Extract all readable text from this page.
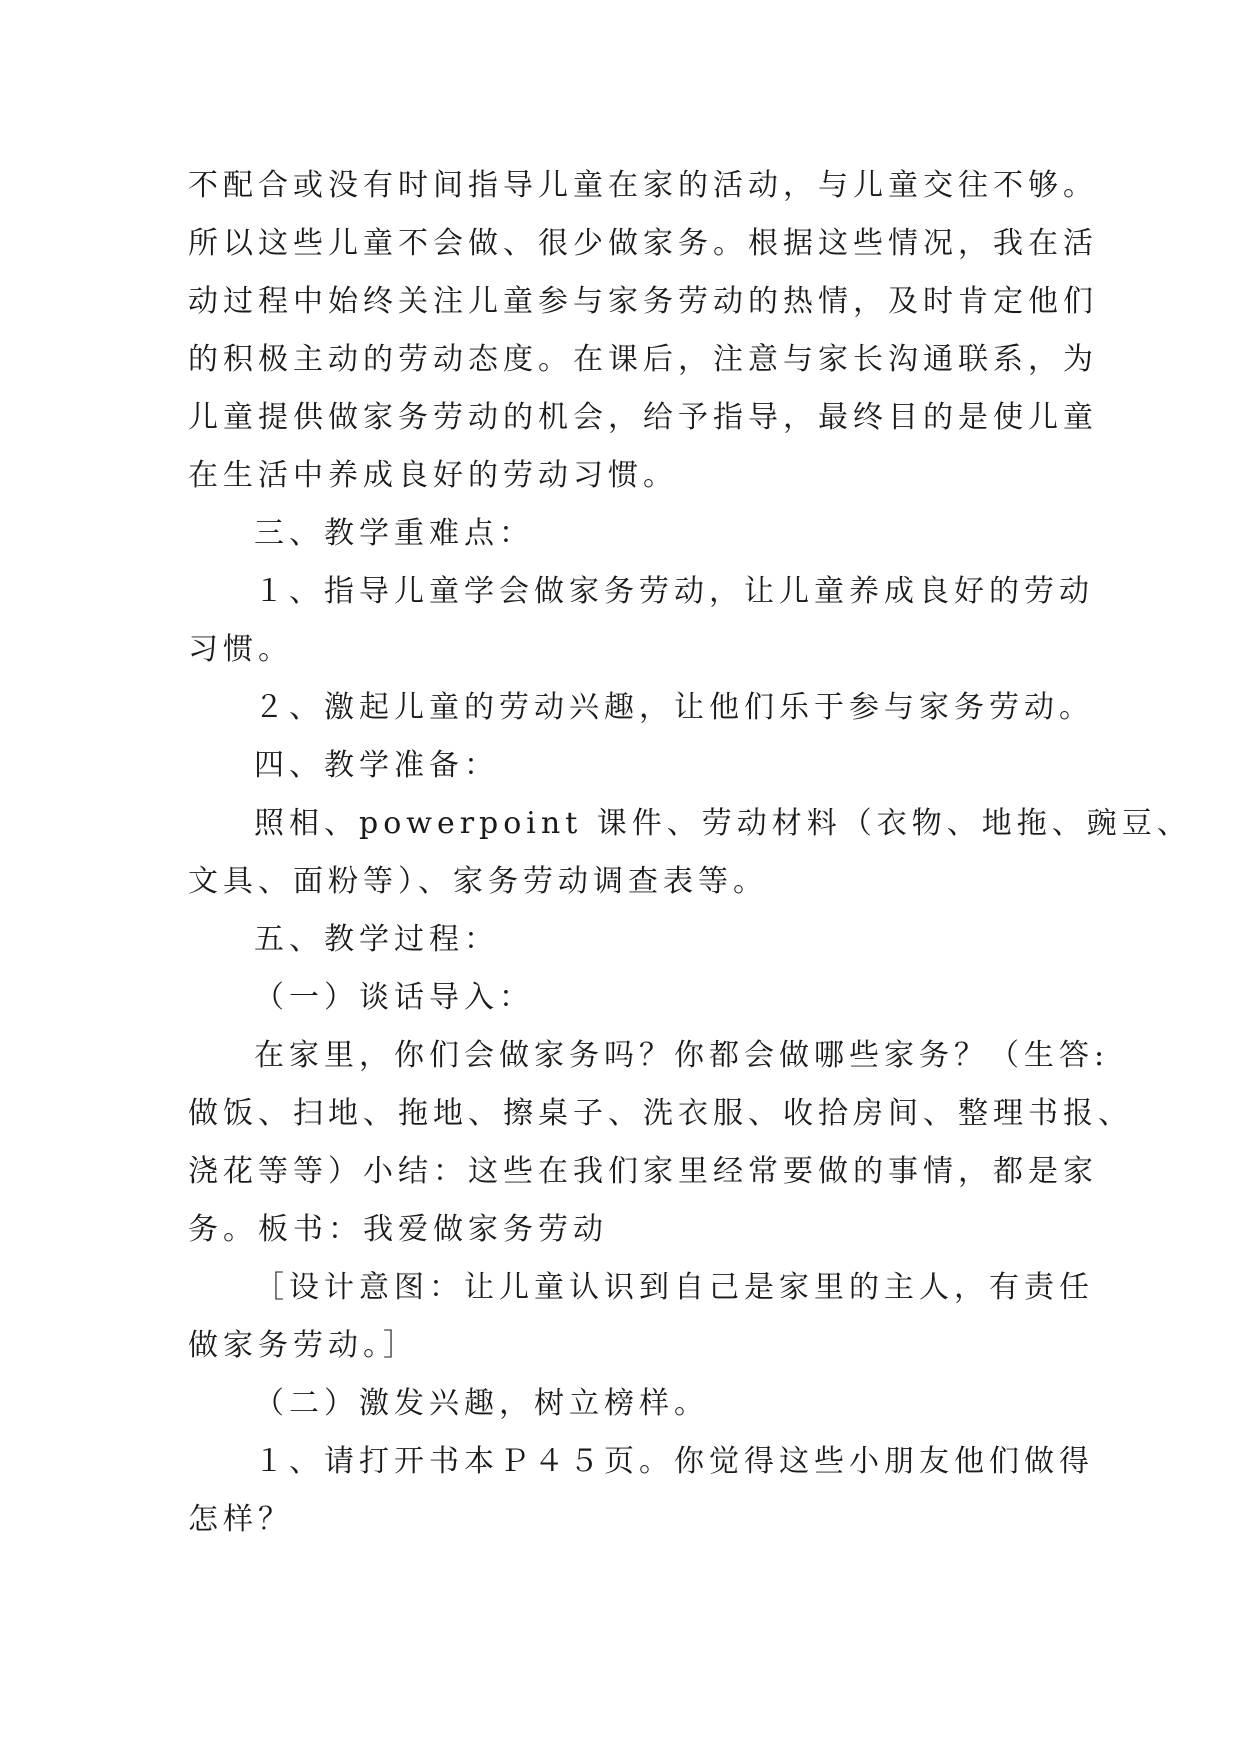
不配合或没有时间指导儿童在家的活动，与儿童交往不够。
所以这些儿童不会做、很少做家务。根据这些情况，我在活
动过程中始终关注儿童参与家务劳动的热情，及时肯定他们
的积极主动的劳动态度。在课后，注意与家长沟通联系，为
儿童提供做家务劳动的机会，给予指导，最终目的是使儿童
在生活中养成良好的劳动习惯。
三、教学重难点：
１、指导儿童学会做家务劳动，让儿童养成良好的劳动
习惯。
２、激起儿童的劳动兴趣，让他们乐于参与家务劳动。
四、教学准备：
照相、powerpoint 课件、劳动材料（衣物、地拖、豌豆、
文具、面粉等）、家务劳动调查表等。
五、教学过程：
（一）谈话导入：
在家里，你们会做家务吗？你都会做哪些家务？（生答:
做饭、扫地、拖地、擦桌子、洗衣服、收拾房间、整理书报、
浇花等等）小结：这些在我们家里经常要做的事情，都是家
务。板书：我爱做家务劳动
［设计意图：让儿童认识到自己是家里的主人，有责任
做家务劳动。］
（二）激发兴趣，树立榜样。
１、请打开书本Ｐ４５页。你觉得这些小朋友他们做得
怎样？
